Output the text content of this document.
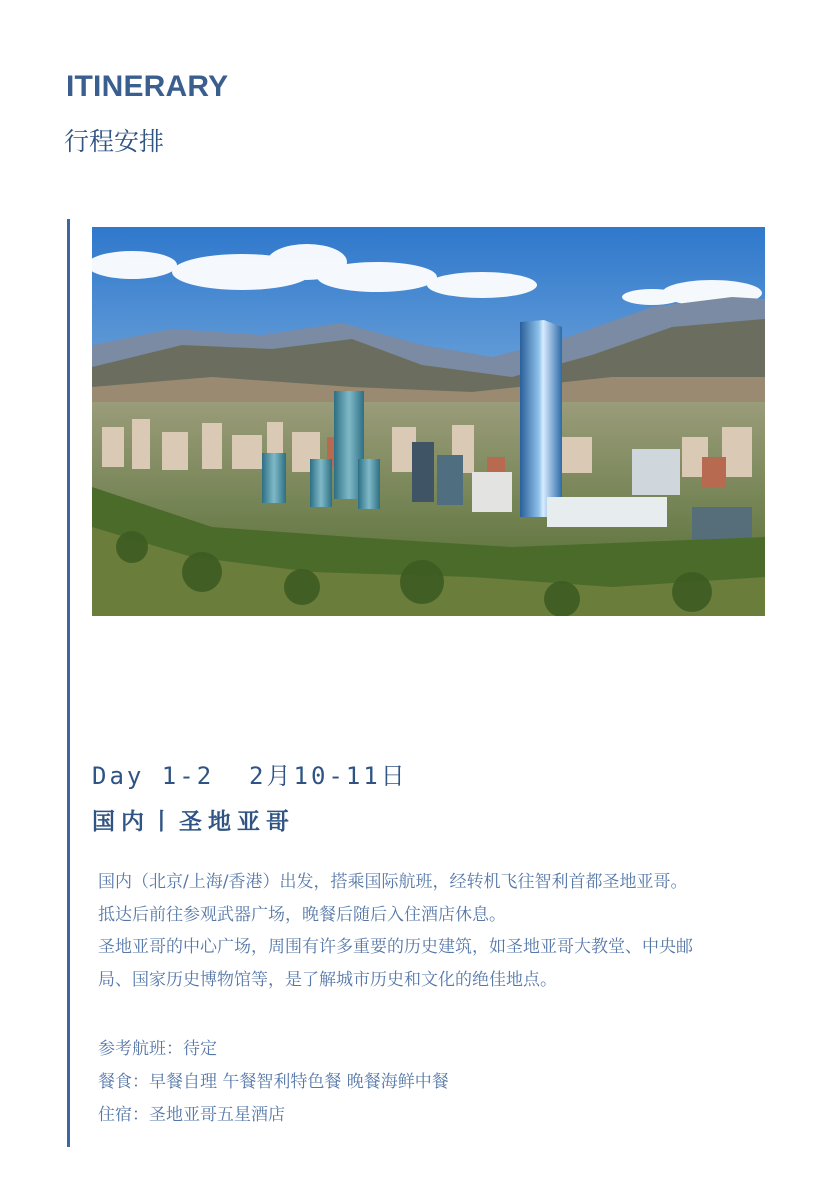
ITINERARY
行程安排
Day 1-2  2月10-11日
国内丨圣地亚哥

国内（北京/上海/香港）出发，搭乘国际航班，经转机飞往智利首都圣地亚哥。

抵达后前往参观武器广场，晚餐后随后入住酒店休息。

圣地亚哥的中心广场，周围有许多重要的历史建筑，如圣地亚哥大教堂、中央邮

局、国家历史博物馆等，是了解城市历史和文化的绝佳地点。

参考航班：待定

餐食：早餐自理 午餐智利特色餐 晚餐海鲜中餐

住宿：圣地亚哥五星酒店
